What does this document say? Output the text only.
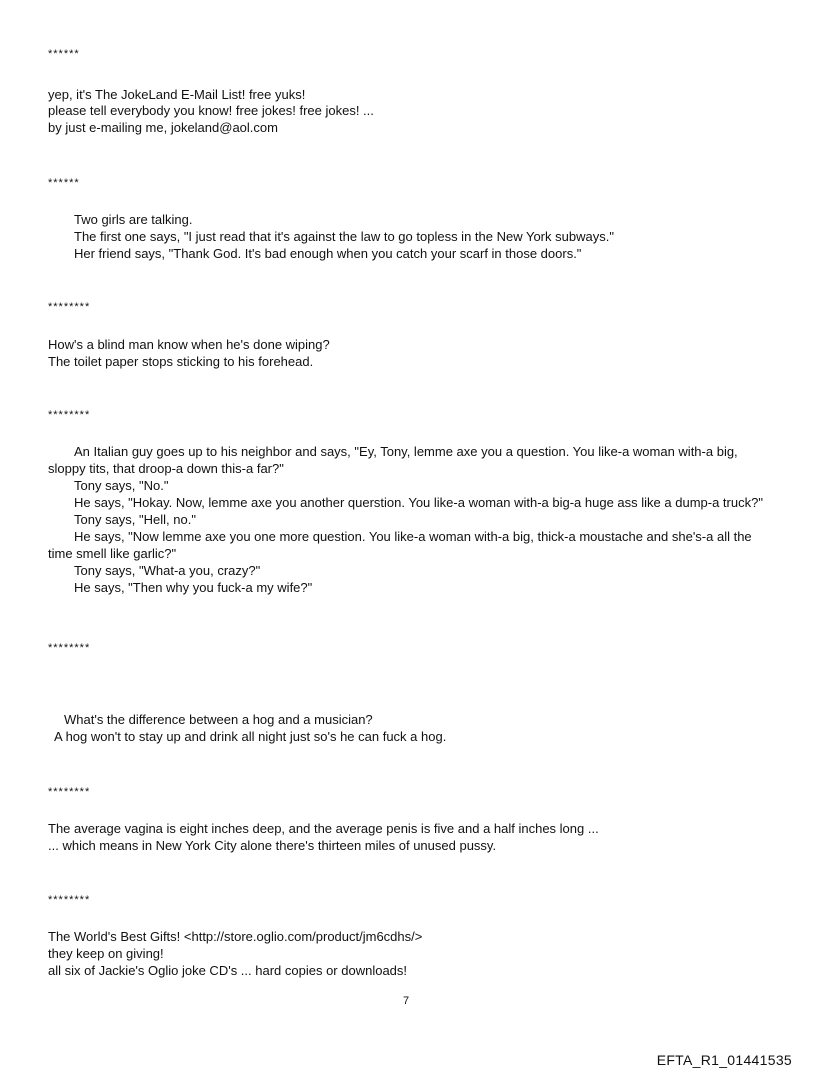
******
yep, it's The JokeLand E-Mail List! free yuks!
please tell everybody you know! free jokes! free jokes! ...
by just e-mailing me, jokeland@aol.com
******
Two girls are talking.
The first one says, "I just read that it's against the law to go topless in the New York subways."
Her friend says, "Thank God. It's bad enough when you catch your scarf in those doors."
********
How's a blind man know when he's done wiping?
The toilet paper stops sticking to his forehead.
********

An Italian guy goes up to his neighbor and says, "Ey, Tony, lemme axe you a question. You like-a woman with-a big, sloppy tits, that droop-a down this-a far?"

Tony says, "No."

He says, "Hokay. Now, lemme axe you another querstion. You like-a woman with-a big-a huge ass like a dump-a truck?"

Tony says, "Hell, no."

He says, "Now lemme axe you one more question. You like-a woman with-a big, thick-a moustache and she's-a all the time smell like garlic?"

Tony says, "What-a you, crazy?"

He says, "Then why you fuck-a my wife?"

********
What's the difference between a hog and a musician?
A hog won't to stay up and drink all night just so's he can fuck a hog.
********
The average vagina is eight inches deep, and the average penis is five and a half inches long ...
... which means in New York City alone there's thirteen miles of unused pussy.
********
The World's Best Gifts! <http://store.oglio.com/product/jm6cdhs/>
they keep on giving!
all six of Jackie's Oglio joke CD's ... hard copies or downloads!
7
EFTA_R1_01441535
